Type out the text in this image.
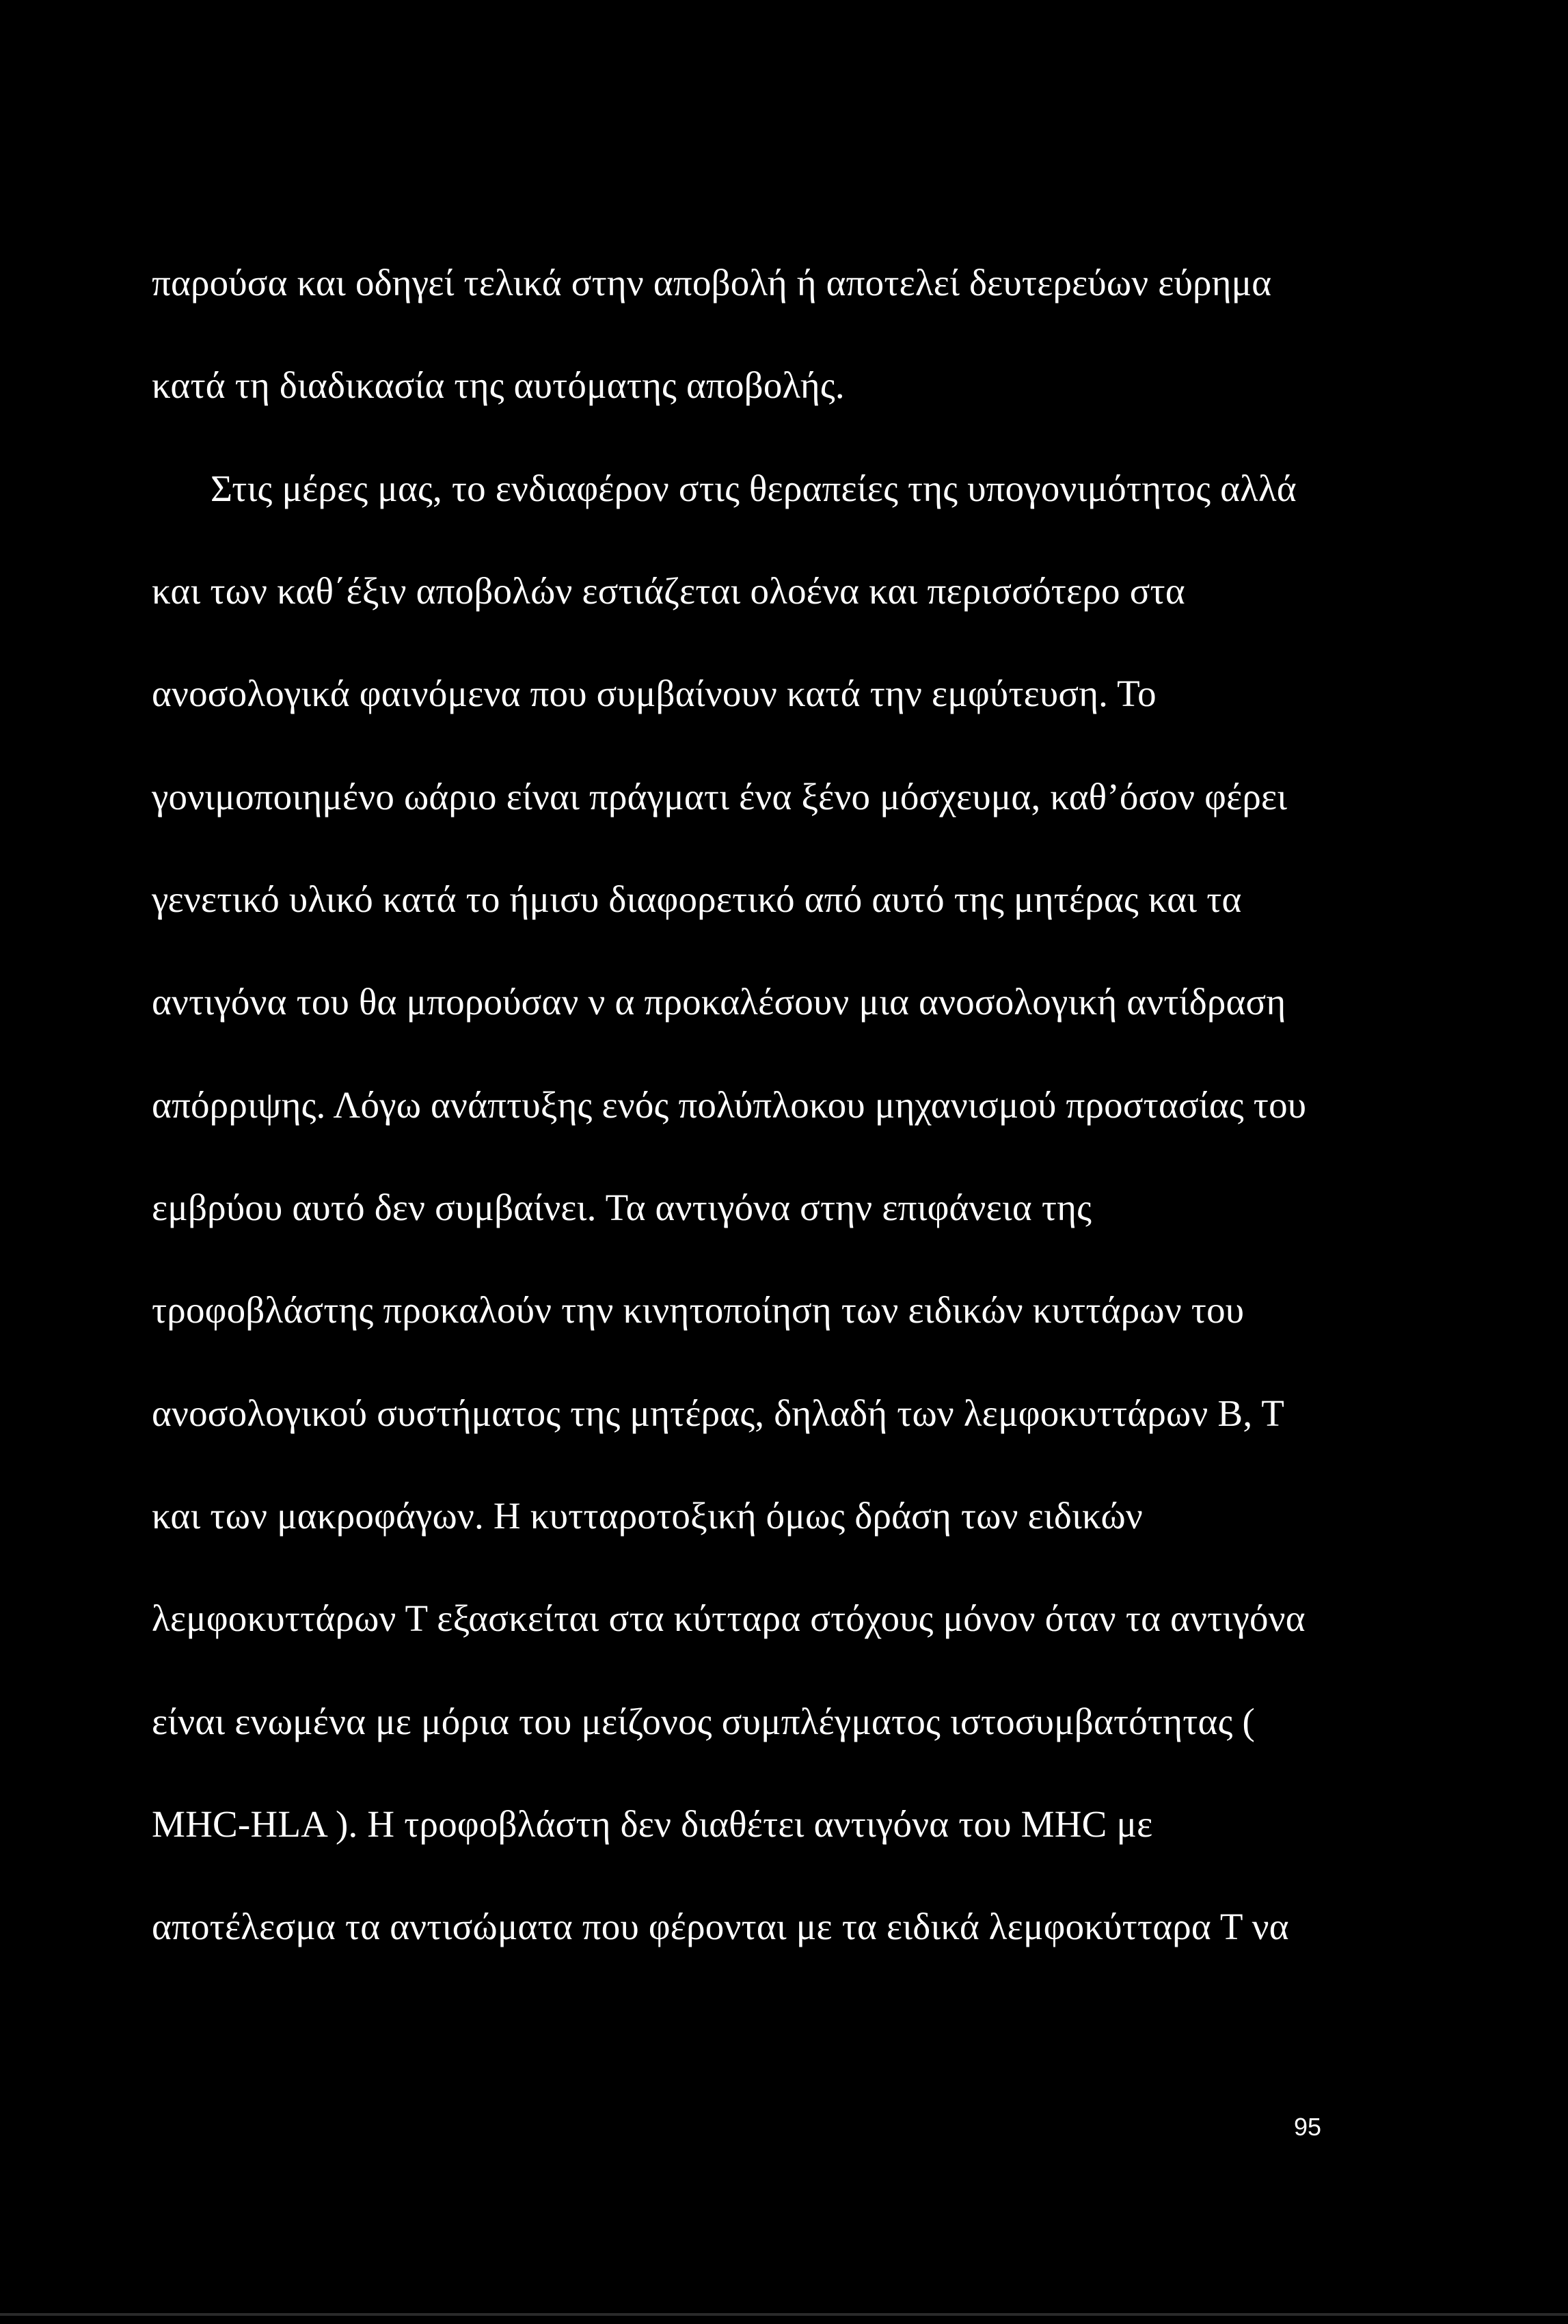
παρούσα και οδηγεί τελικά στην αποβολή ή αποτελεί δευτερεύων εύρημα

κατά τη διαδικασία της αυτόματης αποβολής.

Στις μέρες μας, το ενδιαφέρον στις θεραπείες της υπογονιμότητος αλλά

και των καθ΄έξιν αποβολών εστιάζεται ολοένα και περισσότερο στα

ανοσολογικά φαινόμενα που συμβαίνουν κατά την εμφύτευση. Το

γονιμοποιημένο ωάριο είναι πράγματι ένα ξένο μόσχευμα, καθ’όσον φέρει

γενετικό υλικό κατά το ήμισυ διαφορετικό από αυτό της μητέρας και τα

αντιγόνα του θα μπορούσαν ν α προκαλέσουν μια ανοσολογική αντίδραση

απόρριψης. Λόγω ανάπτυξης ενός πολύπλοκου μηχανισμού προστασίας του

εμβρύου αυτό δεν συμβαίνει. Τα αντιγόνα στην επιφάνεια της

τροφοβλάστης προκαλούν την κινητοποίηση των ειδικών κυττάρων του

ανοσολογικού συστήματος της μητέρας, δηλαδή των λεμφοκυττάρων Β, Τ

και των μακροφάγων. Η κυτταροτοξική όμως δράση των ειδικών

λεμφοκυττάρων Τ εξασκείται στα κύτταρα στόχους μόνον όταν τα αντιγόνα

είναι ενωμένα με μόρια του μείζονος συμπλέγματος ιστοσυμβατότητας (

MHC-HLA ). Η τροφοβλάστη δεν διαθέτει αντιγόνα του MHC με

αποτέλεσμα τα αντισώματα που φέρονται με τα ειδικά λεμφοκύτταρα Τ να

95
